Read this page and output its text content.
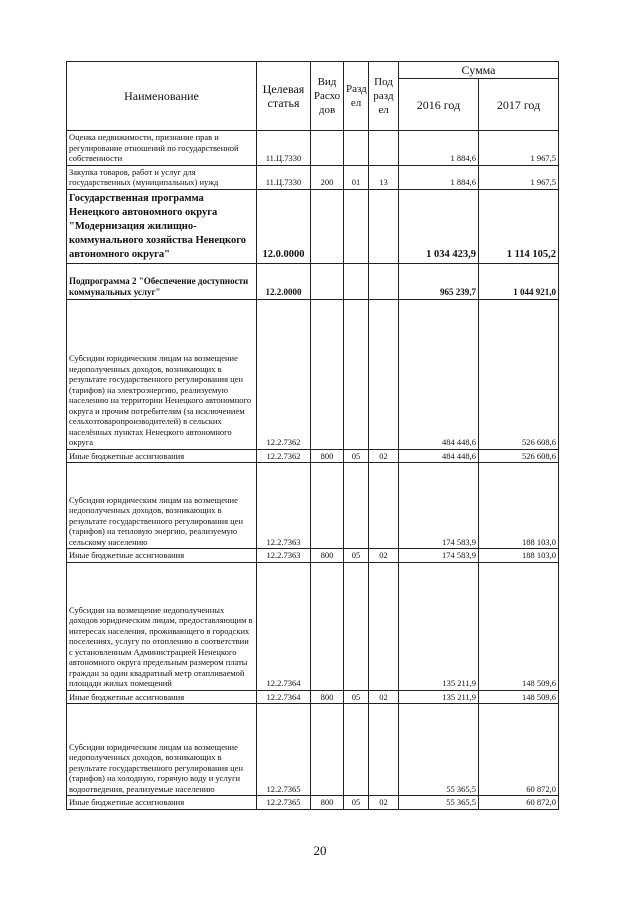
Наименование	Целевая статья	Вид Расхо дов	Разд ел	Под разд ел	Сумма	
					2016 год	2017 год
Оценка недвижимости, признание прав и регулирование отношений по государственной собственности	11.Ц.7330				1 884,6	1 967,5
Закупка товаров, работ и услуг для государственных (муниципальных) нужд	11.Ц.7330	200	01	13	1 884,6	1 967,5
Государственная программа Ненецкого автономного округа "Модернизация жилищно-коммунального хозяйства Ненецкого автономного округа"	12.0.0000				1 034 423,9	1 114 105,2
Подпрограмма 2 "Обеспечение доступности коммунальных услуг"	12.2.0000				965 239,7	1 044 921,0
Субсидии юридическим лицам на возмещение недополученных доходов, возникающих в результате государственного регулирования цен (тарифов) на электроэнергию, реализуемую населению на территории Ненецкого автономного округа и прочим потребителям (за исключением сельхозтоваропроизводителей) в сельских населённых пунктах Ненецкого автономного округа	12.2.7362				484 448,6	526 608,6
Иные бюджетные ассигнования	12.2.7362	800	05	02	484 448,6	526 608,6
Субсидии юридическим лицам на возмещение недополученных доходов, возникающих в результате государственного регулирования цен (тарифов) на тепловую энергию, реализуемую сельскому населению	12.2.7363				174 583,9	188 103,0
Иные бюджетные ассигнования	12.2.7363	800	05	02	174 583,9	188 103,0
Субсидии на возмещение недополученных доходов юридическим лицам, предоставляющим в интересах населения, проживающего в городских поселениях, услугу по отоплению в соответствии с установленным Администрацией Ненецкого автономного округа предельным размером платы граждан за один квадратный метр отапливаемой площади жилых помещений	12.2.7364				135 211,9	148 509,6
Иные бюджетные ассигнования	12.2.7364	800	05	02	135 211,9	148 509,6
Субсидии юридическим лицам на возмещение недополученных доходов, возникающих в результате государственного регулирования цен (тарифов) на холодную, горячую воду и услуги водоотведения, реализуемые населению	12.2.7365				55 365,5	60 872,0
Иные бюджетные ассигнования	12.2.7365	800	05	02	55 365,5	60 872,0
20
